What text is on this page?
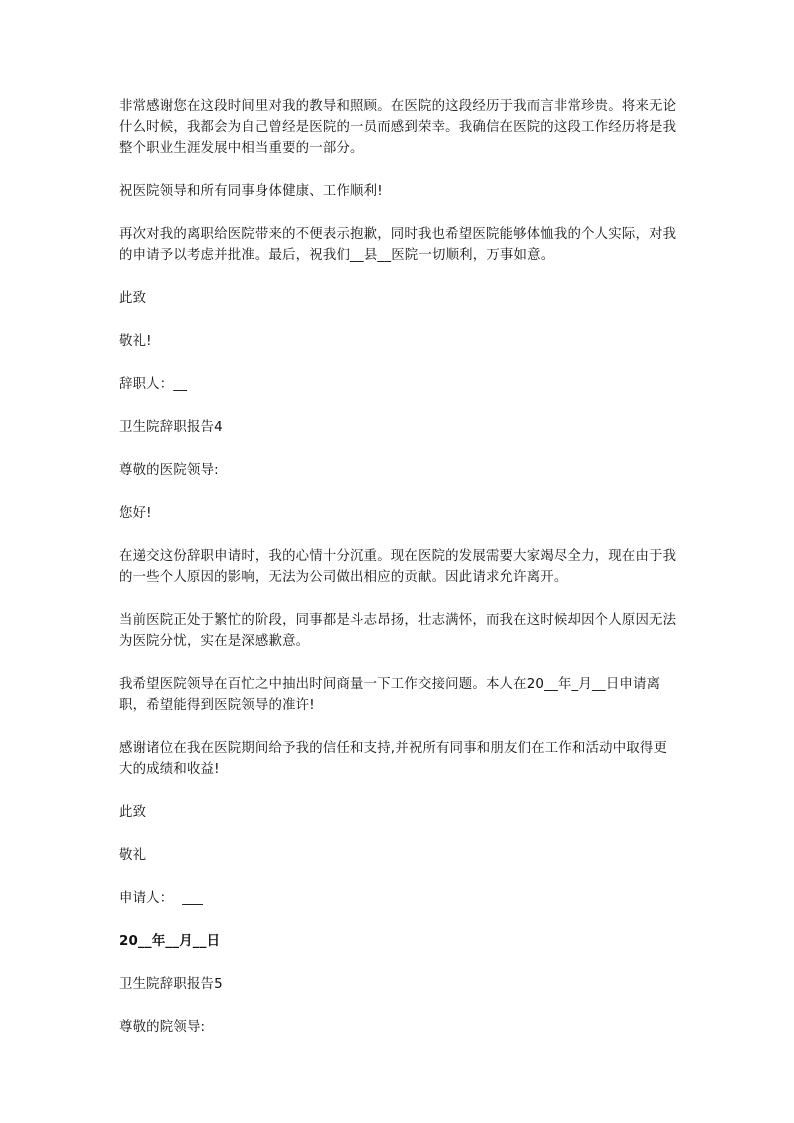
非常感谢您在这段时间里对我的教导和照顾。在医院的这段经历于我而言非常珍贵。将来无论什么时候，我都会为自己曾经是医院的一员而感到荣幸。我确信在医院的这段工作经历将是我整个职业生涯发展中相当重要的一部分。

祝医院领导和所有同事身体健康、工作顺利!

再次对我的离职给医院带来的不便表示抱歉，同时我也希望医院能够体恤我的个人实际，对我的申请予以考虑并批准。最后，祝我们__县__医院一切顺利，万事如意。

此致

敬礼!

辞职人：__

卫生院辞职报告4

尊敬的医院领导:

您好!

在递交这份辞职申请时，我的心情十分沉重。现在医院的发展需要大家竭尽全力，现在由于我的一些个人原因的影响，无法为公司做出相应的贡献。因此请求允许离开。

当前医院正处于繁忙的阶段，同事都是斗志昂扬，壮志满怀，而我在这时候却因个人原因无法为医院分忧，实在是深感歉意。

我希望医院领导在百忙之中抽出时间商量一下工作交接问题。本人在20__年_月__日申请离职，希望能得到医院领导的准许!

感谢诸位在我在医院期间给予我的信任和支持,并祝所有同事和朋友们在工作和活动中取得更大的成绩和收益!

此致

敬礼

申请人：  ___

20__年__月__日

卫生院辞职报告5

尊敬的院领导:
